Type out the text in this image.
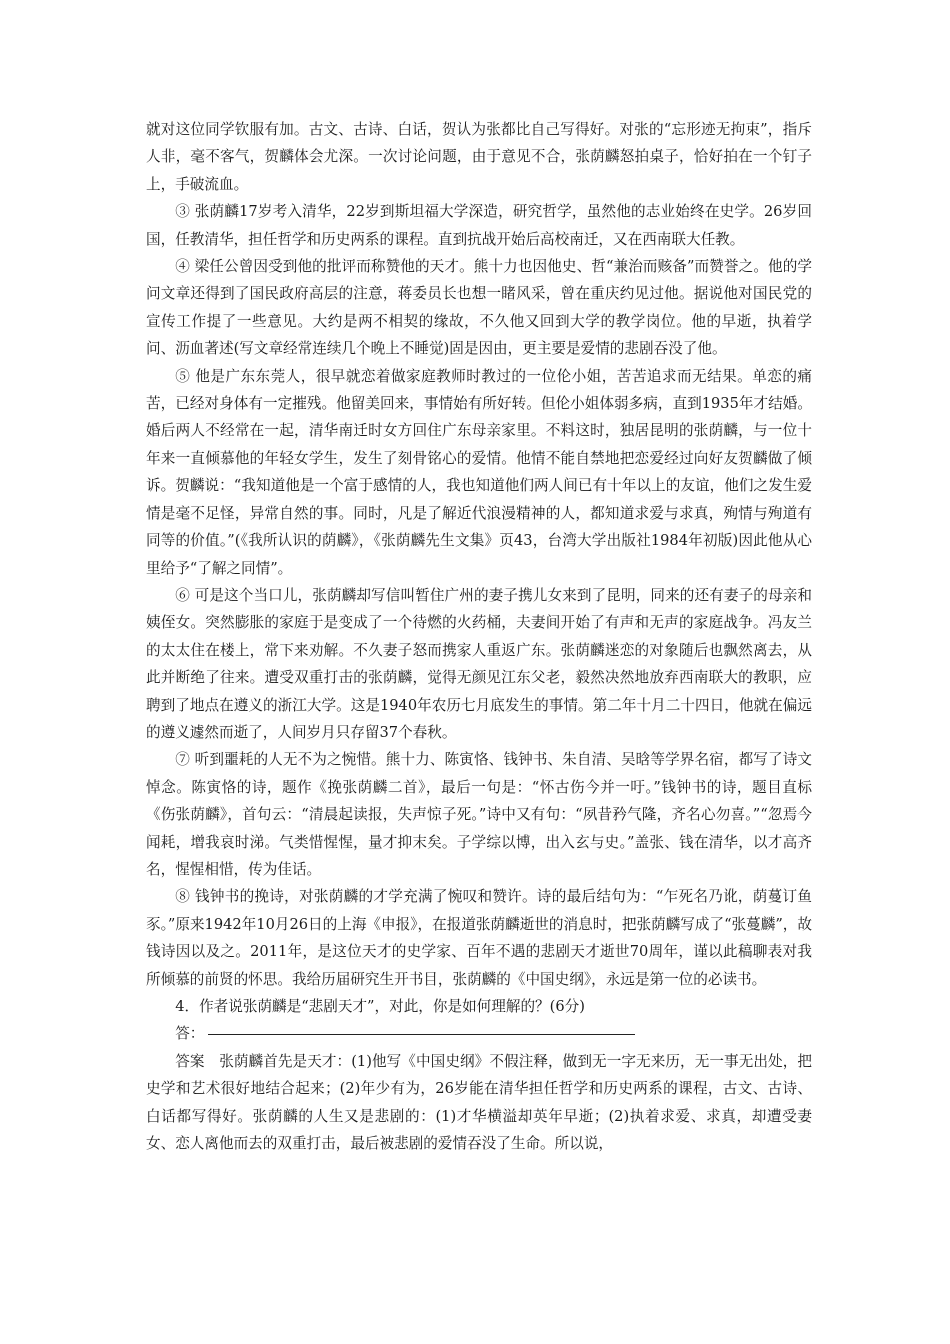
就对这位同学钦服有加。古文、古诗、白话，贺认为张都比自己写得好。对张的“忘形迹无拘束”，指斥人非，毫不客气，贺麟体会尤深。一次讨论问题，由于意见不合，张荫麟怒拍桌子，恰好拍在一个钉子上，手破流血。

③ 张荫麟17岁考入清华，22岁到斯坦福大学深造，研究哲学，虽然他的志业始终在史学。26岁回国，任教清华，担任哲学和历史两系的课程。直到抗战开始后高校南迁，又在西南联大任教。

④ 梁任公曾因受到他的批评而称赞他的天才。熊十力也因他史、哲“兼治而赅备”而赞誉之。他的学问文章还得到了国民政府高层的注意，蒋委员长也想一睹风采，曾在重庆约见过他。据说他对国民党的宣传工作提了一些意见。大约是两不相契的缘故，不久他又回到大学的教学岗位。他的早逝，执着学问、沥血著述(写文章经常连续几个晚上不睡觉)固是因由，更主要是爱情的悲剧吞没了他。

⑤ 他是广东东莞人，很早就恋着做家庭教师时教过的一位伦小姐，苦苦追求而无结果。单恋的痛苦，已经对身体有一定摧残。他留美回来，事情始有所好转。但伦小姐体弱多病，直到1935年才结婚。婚后两人不经常在一起，清华南迁时女方回住广东母亲家里。不料这时，独居昆明的张荫麟，与一位十年来一直倾慕他的年轻女学生，发生了刻骨铭心的爱情。他情不能自禁地把恋爱经过向好友贺麟做了倾诉。贺麟说：“我知道他是一个富于感情的人，我也知道他们两人间已有十年以上的友谊，他们之发生爱情是毫不足怪，异常自然的事。同时，凡是了解近代浪漫精神的人，都知道求爱与求真，殉情与殉道有同等的价值。”(《我所认识的荫麟》，《张荫麟先生文集》页43，台湾大学出版社1984年初版)因此他从心里给予“了解之同情”。

⑥ 可是这个当口儿，张荫麟却写信叫暂住广州的妻子携儿女来到了昆明，同来的还有妻子的母亲和姨侄女。突然膨胀的家庭于是变成了一个待燃的火药桶，夫妻间开始了有声和无声的家庭战争。冯友兰的太太住在楼上，常下来劝解。不久妻子怒而携家人重返广东。张荫麟迷恋的对象随后也飘然离去，从此并断绝了往来。遭受双重打击的张荫麟，觉得无颜见江东父老，毅然决然地放弃西南联大的教职，应聘到了地点在遵义的浙江大学。这是1940年农历七月底发生的事情。第二年十月二十四日，他就在偏远的遵义遽然而逝了，人间岁月只存留37个春秋。

⑦ 听到噩耗的人无不为之惋惜。熊十力、陈寅恪、钱钟书、朱自清、吴晗等学界名宿，都写了诗文悼念。陈寅恪的诗，题作《挽张荫麟二首》，最后一句是：“怀古伤今并一吁。”钱钟书的诗，题目直标《伤张荫麟》，首句云：“清晨起读报，失声惊子死。”诗中又有句：“夙昔矜气隆，齐名心勿喜。”“忽焉今闻耗，增我哀时涕。气类惜惺惺，量才抑末矣。子学综以博，出入玄与史。”盖张、钱在清华，以才高齐名，惺惺相惜，传为佳话。

⑧ 钱钟书的挽诗，对张荫麟的才学充满了惋叹和赞许。诗的最后结句为：“乍死名乃讹，荫蔓订鱼豕。”原来1942年10月26日的上海《申报》，在报道张荫麟逝世的消息时，把张荫麟写成了“张蔓麟”，故钱诗因以及之。2011年，是这位天才的史学家、百年不遇的悲剧天才逝世70周年，谨以此稿聊表对我所倾慕的前贤的怀思。我给历届研究生开书目，张荫麟的《中国史纲》，永远是第一位的必读书。

4．作者说张荫麟是“悲剧天才”，对此，你是如何理解的？(6分)

答：

答案　张荫麟首先是天才：(1)他写《中国史纲》不假注释，做到无一字无来历，无一事无出处，把史学和艺术很好地结合起来；(2)年少有为，26岁能在清华担任哲学和历史两系的课程，古文、古诗、白话都写得好。张荫麟的人生又是悲剧的：(1)才华横溢却英年早逝；(2)执着求爱、求真，却遭受妻女、恋人离他而去的双重打击，最后被悲剧的爱情吞没了生命。所以说，
